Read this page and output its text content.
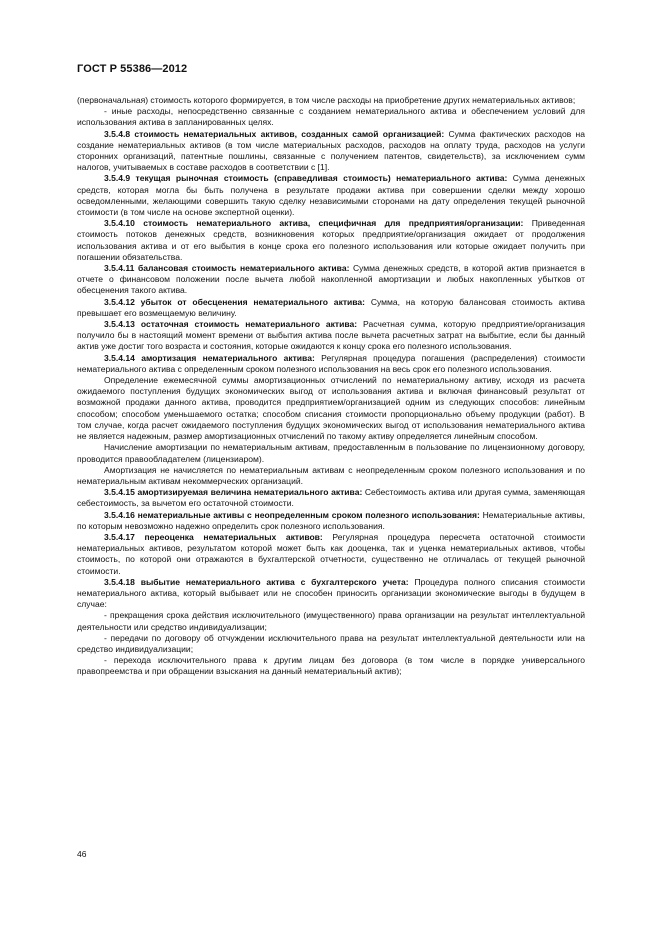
ГОСТ Р 55386—2012

(первоначальная) стоимость которого формируется, в том числе расходы на приобретение других нематериальных активов;

- иные расходы, непосредственно связанные с созданием нематериального актива и обеспечением условий для использования актива в запланированных целях.

3.5.4.8 стоимость нематериальных активов, созданных самой организацией: Сумма фактических расходов на создание нематериальных активов (в том числе материальных расходов, расходов на оплату труда, расходов на услуги сторонних организаций, патентные пошлины, связанные с получением патентов, свидетельств), за исключением сумм налогов, учитываемых в составе расходов в соответствии с [1].

3.5.4.9 текущая рыночная стоимость (справедливая стоимость) нематериального актива: Сумма денежных средств, которая могла бы быть получена в результате продажи актива при совершении сделки между хорошо осведомленными, желающими совершить такую сделку независимыми сторонами на дату определения текущей рыночной стоимости (в том числе на основе экспертной оценки).

3.5.4.10 стоимость нематериального актива, специфичная для предприятия/организации: Приведенная стоимость потоков денежных средств, возникновения которых предприятие/организация ожидает от продолжения использования актива и от его выбытия в конце срока его полезного использования или которые ожидает получить при погашении обязательства.

3.5.4.11 балансовая стоимость нематериального актива: Сумма денежных средств, в которой актив признается в отчете о финансовом положении после вычета любой накопленной амортизации и любых накопленных убытков от обесценения такого актива.

3.5.4.12 убыток от обесценения нематериального актива: Сумма, на которую балансовая стоимость актива превышает его возмещаемую величину.

3.5.4.13 остаточная стоимость нематериального актива: Расчетная сумма, которую предприятие/организация получило бы в настоящий момент времени от выбытия актива после вычета расчетных затрат на выбытие, если бы данный актив уже достиг того возраста и состояния, которые ожидаются к концу срока его полезного использования.

3.5.4.14 амортизация нематериального актива: Регулярная процедура погашения (распределения) стоимости нематериального актива с определенным сроком полезного использования на весь срок его полезного использования.

Определение ежемесячной суммы амортизационных отчислений по нематериальному активу, исходя из расчета ожидаемого поступления будущих экономических выгод от использования актива и включая финансовый результат от возможной продажи данного актива, проводится предприятием/организацией одним из следующих способов: линейным способом; способом уменьшаемого остатка; способом списания стоимости пропорционально объему продукции (работ). В том случае, когда расчет ожидаемого поступления будущих экономических выгод от использования нематериального актива не является надежным, размер амортизационных отчислений по такому активу определяется линейным способом.

Начисление амортизации по нематериальным активам, предоставленным в пользование по лицензионному договору, проводится правообладателем (лицензиаром).

Амортизация не начисляется по нематериальным активам с неопределенным сроком полезного использования и по нематериальным активам некоммерческих организаций.

3.5.4.15 амортизируемая величина нематериального актива: Себестоимость актива или другая сумма, заменяющая себестоимость, за вычетом его остаточной стоимости.

3.5.4.16 нематериальные активы с неопределенным сроком полезного использования: Нематериальные активы, по которым невозможно надежно определить срок полезного использования.

3.5.4.17 переоценка нематериальных активов: Регулярная процедура пересчета остаточной стоимости нематериальных активов, результатом которой может быть как дооценка, так и уценка нематериальных активов, чтобы стоимость, по которой они отражаются в бухгалтерской отчетности, существенно не отличалась от текущей рыночной стоимости.

3.5.4.18 выбытие нематериального актива с бухгалтерского учета: Процедура полного списания стоимости нематериального актива, который выбывает или не способен приносить организации экономические выгоды в будущем в случае:

- прекращения срока действия исключительного (имущественного) права организации на результат интеллектуальной деятельности или средство индивидуализации;

- передачи по договору об отчуждении исключительного права на результат интеллектуальной деятельности или на средство индивидуализации;

- перехода исключительного права к другим лицам без договора (в том числе в порядке универсального правопреемства и при обращении взыскания на данный нематериальный актив);

46
